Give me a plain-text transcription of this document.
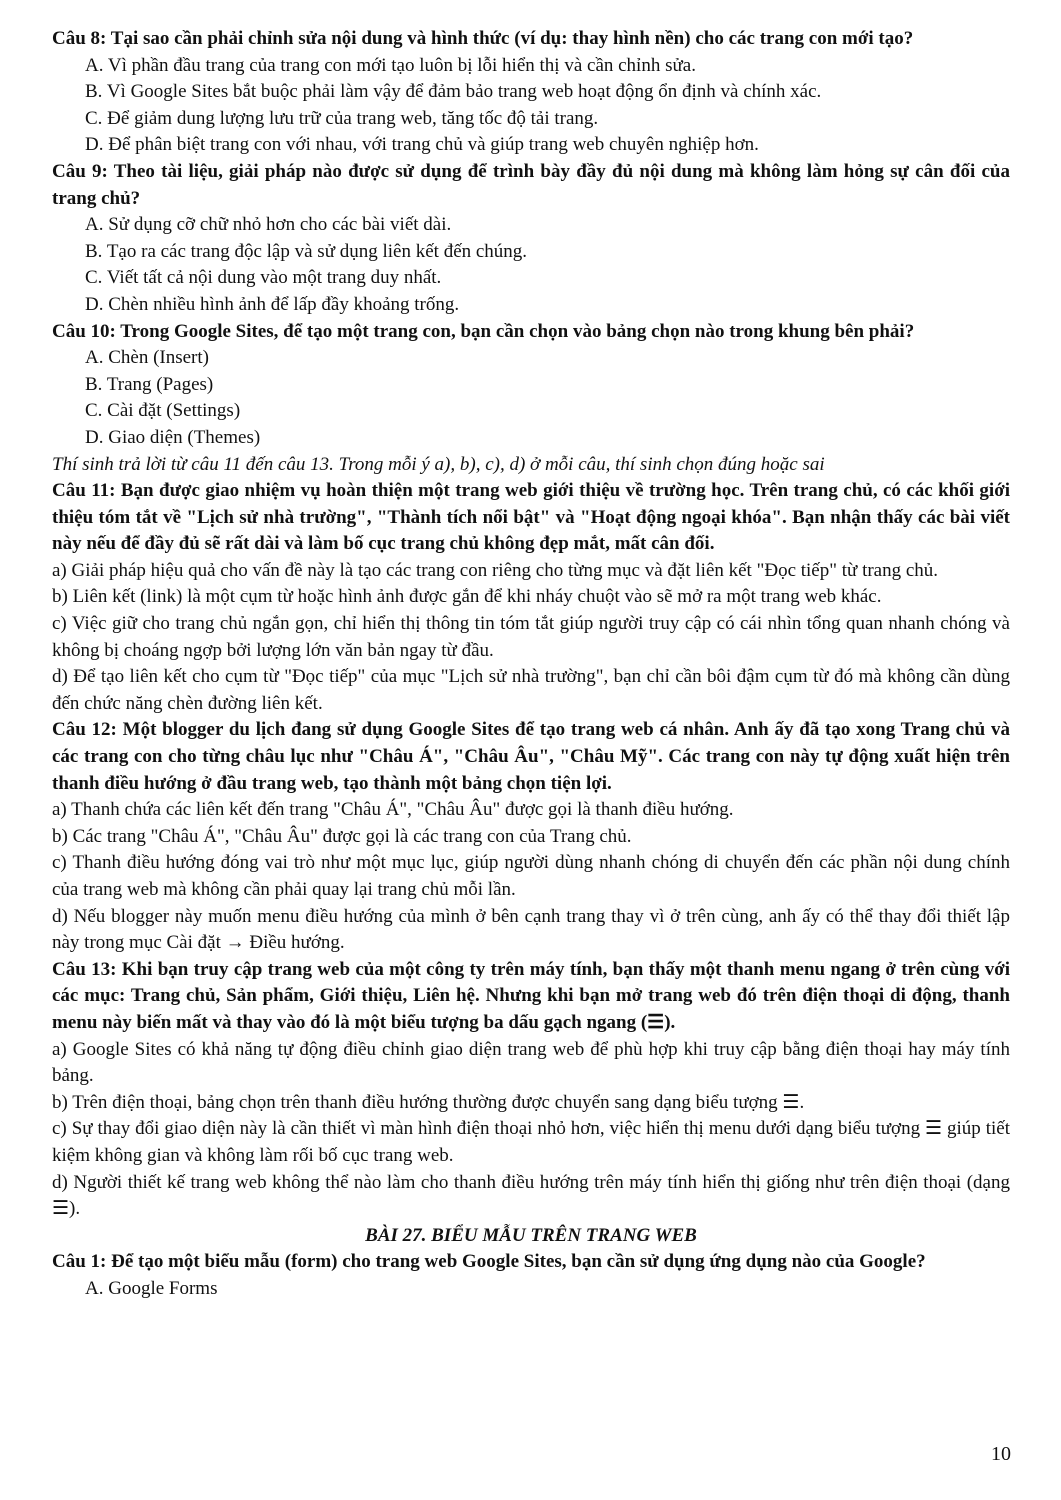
Câu 8: Tại sao cần phải chỉnh sửa nội dung và hình thức (ví dụ: thay hình nền) cho các trang con mới tạo?
A. Vì phần đầu trang của trang con mới tạo luôn bị lỗi hiển thị và cần chỉnh sửa.
B. Vì Google Sites bắt buộc phải làm vậy để đảm bảo trang web hoạt động ổn định và chính xác.
C. Để giảm dung lượng lưu trữ của trang web, tăng tốc độ tải trang.
D. Để phân biệt trang con với nhau, với trang chủ và giúp trang web chuyên nghiệp hơn.
Câu 9: Theo tài liệu, giải pháp nào được sử dụng để trình bày đầy đủ nội dung mà không làm hỏng sự cân đối của trang chủ?
A. Sử dụng cỡ chữ nhỏ hơn cho các bài viết dài.
B. Tạo ra các trang độc lập và sử dụng liên kết đến chúng.
C. Viết tất cả nội dung vào một trang duy nhất.
D. Chèn nhiều hình ảnh để lấp đầy khoảng trống.
Câu 10: Trong Google Sites, để tạo một trang con, bạn cần chọn vào bảng chọn nào trong khung bên phải?
A. Chèn (Insert)
B. Trang (Pages)
C. Cài đặt (Settings)
D. Giao diện (Themes)
Thí sinh trả lời từ câu 11 đến câu 13. Trong mỗi ý a), b), c), d) ở mỗi câu, thí sinh chọn đúng hoặc sai
Câu 11: Bạn được giao nhiệm vụ hoàn thiện một trang web giới thiệu về trường học. Trên trang chủ, có các khối giới thiệu tóm tắt về "Lịch sử nhà trường", "Thành tích nổi bật" và "Hoạt động ngoại khóa". Bạn nhận thấy các bài viết này nếu để đầy đủ sẽ rất dài và làm bố cục trang chủ không đẹp mắt, mất cân đối.
a) Giải pháp hiệu quả cho vấn đề này là tạo các trang con riêng cho từng mục và đặt liên kết "Đọc tiếp" từ trang chủ.
b) Liên kết (link) là một cụm từ hoặc hình ảnh được gắn để khi nháy chuột vào sẽ mở ra một trang web khác.
c) Việc giữ cho trang chủ ngắn gọn, chỉ hiển thị thông tin tóm tắt giúp người truy cập có cái nhìn tổng quan nhanh chóng và không bị choáng ngợp bởi lượng lớn văn bản ngay từ đầu.
d) Để tạo liên kết cho cụm từ "Đọc tiếp" của mục "Lịch sử nhà trường", bạn chỉ cần bôi đậm cụm từ đó mà không cần dùng đến chức năng chèn đường liên kết.
Câu 12: Một blogger du lịch đang sử dụng Google Sites để tạo trang web cá nhân. Anh ấy đã tạo xong Trang chủ và các trang con cho từng châu lục như "Châu Á", "Châu Âu", "Châu Mỹ". Các trang con này tự động xuất hiện trên thanh điều hướng ở đầu trang web, tạo thành một bảng chọn tiện lợi.
a) Thanh chứa các liên kết đến trang "Châu Á", "Châu Âu" được gọi là thanh điều hướng.
b) Các trang "Châu Á", "Châu Âu" được gọi là các trang con của Trang chủ.
c) Thanh điều hướng đóng vai trò như một mục lục, giúp người dùng nhanh chóng di chuyển đến các phần nội dung chính của trang web mà không cần phải quay lại trang chủ mỗi lần.
d) Nếu blogger này muốn menu điều hướng của mình ở bên cạnh trang thay vì ở trên cùng, anh ấy có thể thay đổi thiết lập này trong mục Cài đặt → Điều hướng.
Câu 13: Khi bạn truy cập trang web của một công ty trên máy tính, bạn thấy một thanh menu ngang ở trên cùng với các mục: Trang chủ, Sản phẩm, Giới thiệu, Liên hệ. Nhưng khi bạn mở trang web đó trên điện thoại di động, thanh menu này biến mất và thay vào đó là một biểu tượng ba dấu gạch ngang (☰).
a) Google Sites có khả năng tự động điều chỉnh giao diện trang web để phù hợp khi truy cập bằng điện thoại hay máy tính bảng.
b) Trên điện thoại, bảng chọn trên thanh điều hướng thường được chuyển sang dạng biểu tượng ☰.
c) Sự thay đổi giao diện này là cần thiết vì màn hình điện thoại nhỏ hơn, việc hiển thị menu dưới dạng biểu tượng ☰ giúp tiết kiệm không gian và không làm rối bố cục trang web.
d) Người thiết kế trang web không thể nào làm cho thanh điều hướng trên máy tính hiển thị giống như trên điện thoại (dạng ☰).
BÀI 27. BIỂU MẪU TRÊN TRANG WEB
Câu 1: Để tạo một biểu mẫu (form) cho trang web Google Sites, bạn cần sử dụng ứng dụng nào của Google?
A. Google Forms
10
